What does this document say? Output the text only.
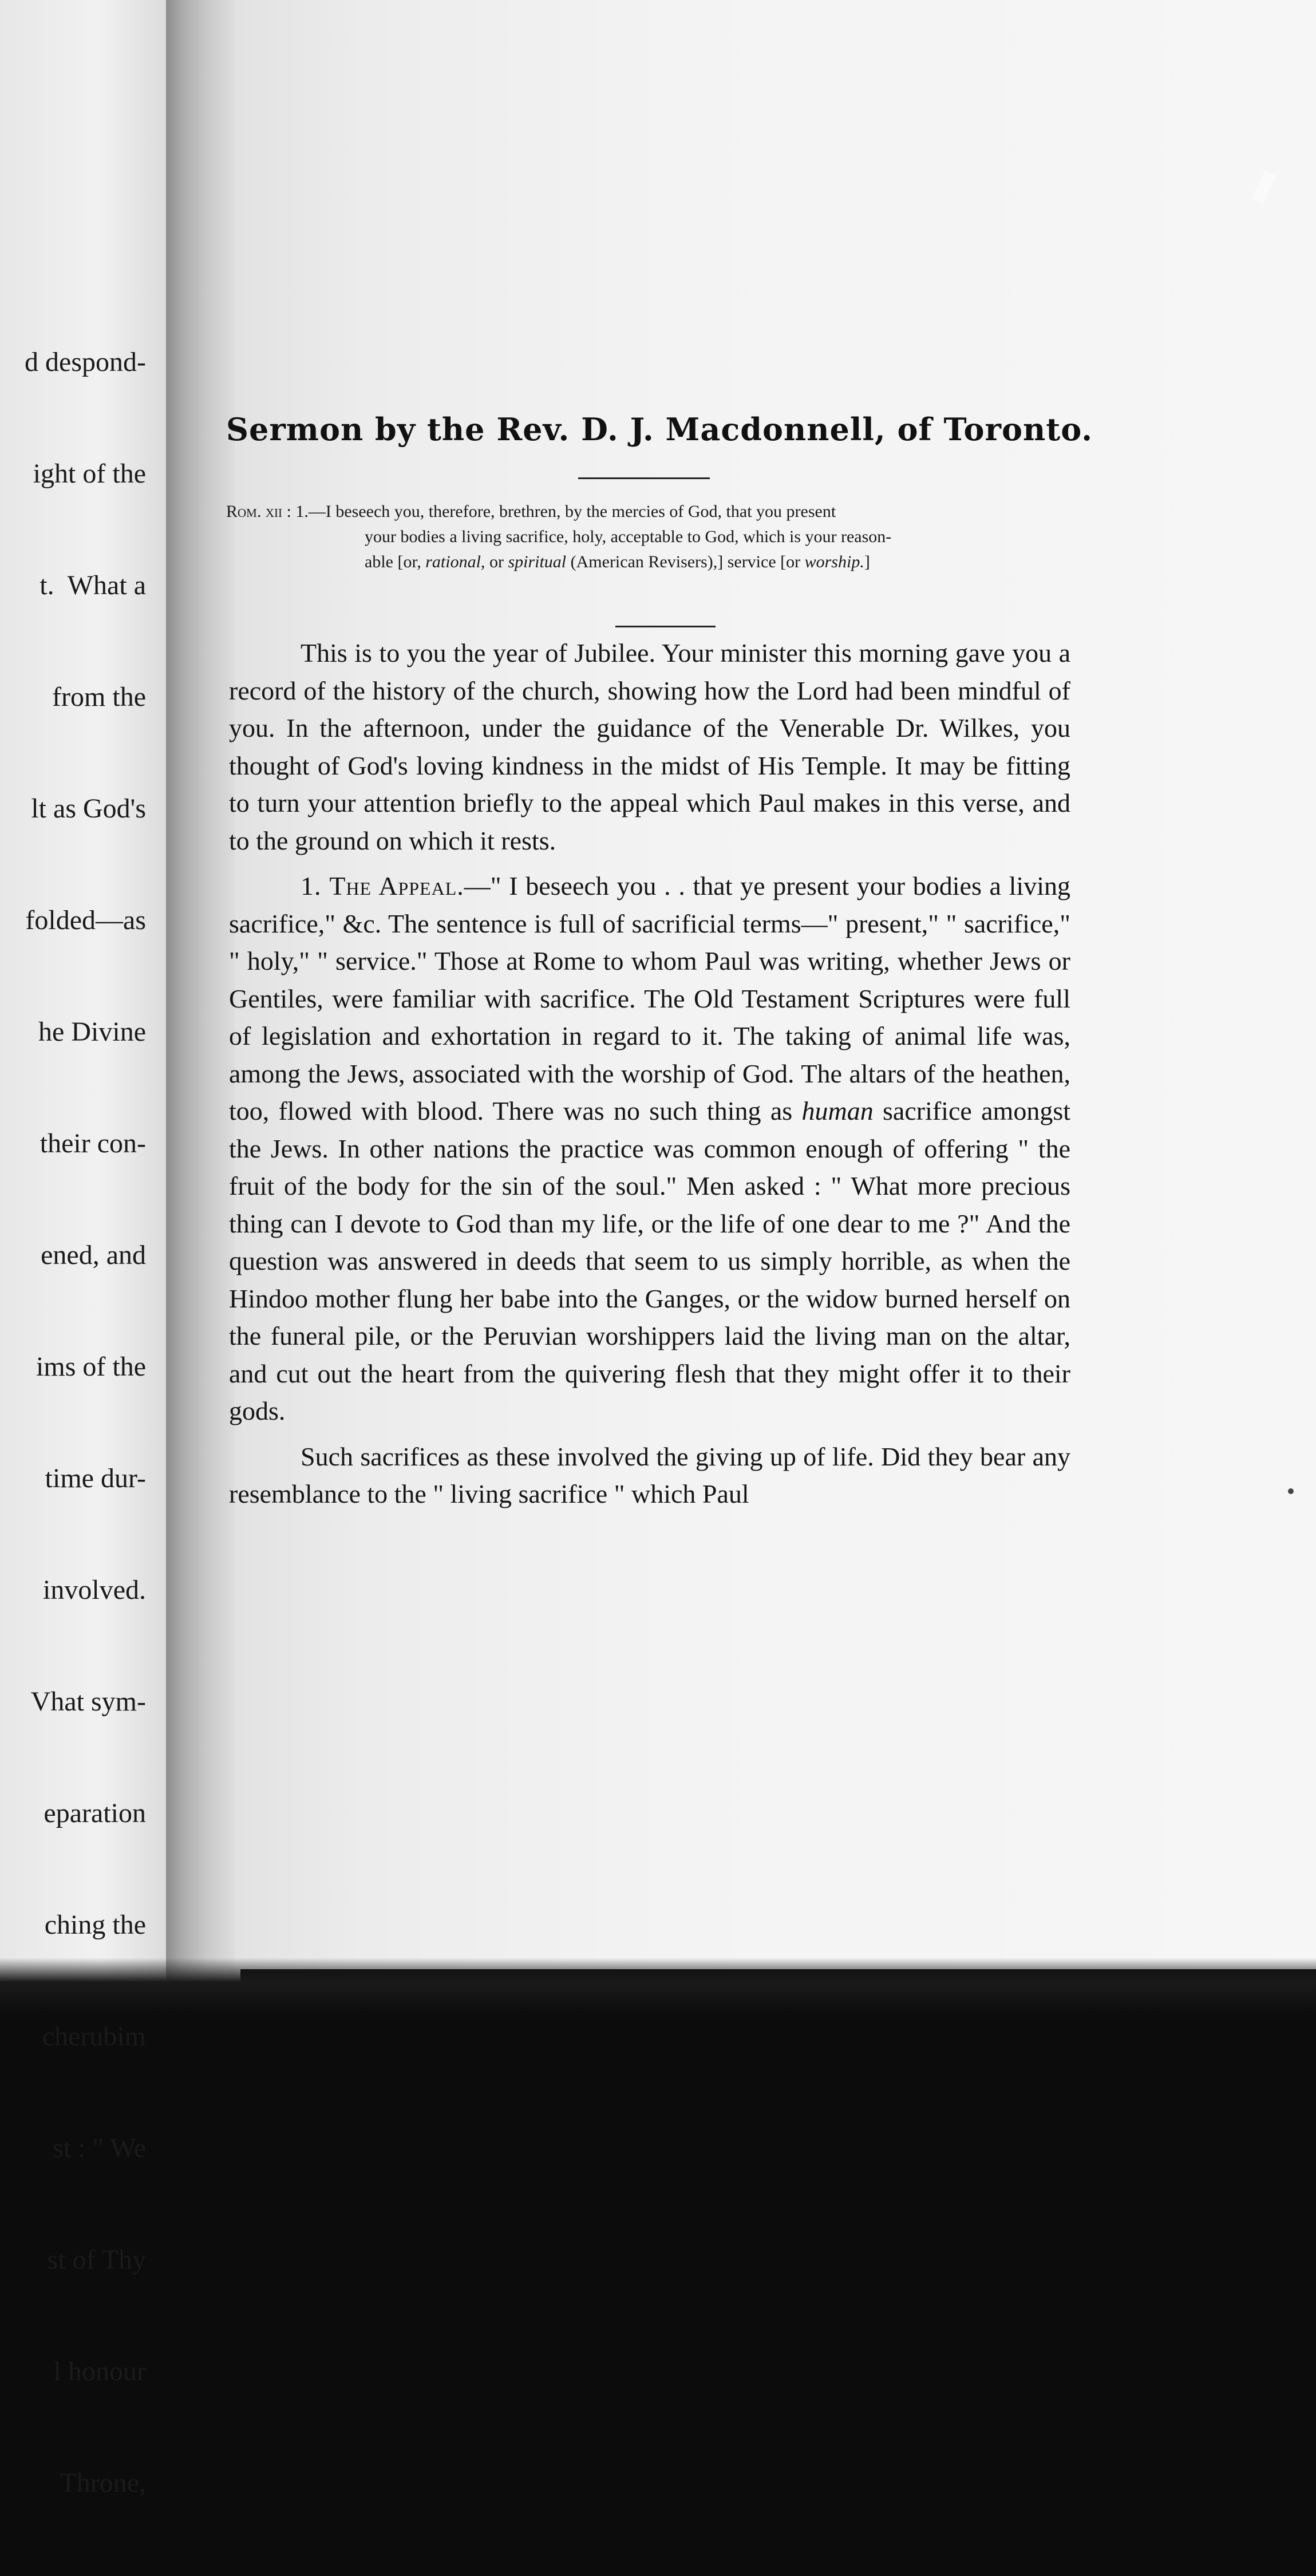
d despond-

ight of the

t.  What a

from the

lt as God's

folded—as

he Divine

their con-

ened, and

ims of the

time dur-

involved.

Vhat sym-

eparation

ching the

cherubim

st : " We

st of Thy

l honour

Throne,

Sermon by the Rev. D. J. Macdonnell, of Toronto.
Rom. xii : 1.—I beseech you, therefore, brethren, by the mercies of God, that you present
your bodies a living sacrifice, holy, acceptable to God, which is your reason-
able [or, rational, or spiritual (American Revisers),] service [or worship.]

This is to you the year of Jubilee. Your minister this morning gave you a record of the history of the church, showing how the Lord had been mindful of you. In the afternoon, under the guidance of the Venerable Dr. Wilkes, you thought of God's loving kindness in the midst of His Temple. It may be fitting to turn your attention briefly to the appeal which Paul makes in this verse, and to the ground on which it rests.

1. The Appeal.—" I beseech you . . that ye present your bodies a living sacrifice," &c. The sentence is full of sacrificial terms—" present," " sacrifice," " holy," " service." Those at Rome to whom Paul was writing, whether Jews or Gentiles, were familiar with sacrifice. The Old Testament Scriptures were full of legislation and exhortation in regard to it. The taking of animal life was, among the Jews, associated with the worship of God. The altars of the heathen, too, flowed with blood. There was no such thing as human sacrifice amongst the Jews. In other nations the practice was common enough of offering " the fruit of the body for the sin of the soul." Men asked : " What more precious thing can I devote to God than my life, or the life of one dear to me ?" And the question was answered in deeds that seem to us simply horrible, as when the Hindoo mother flung her babe into the Ganges, or the widow burned herself on the funeral pile, or the Peruvian worshippers laid the living man on the altar, and cut out the heart from the quivering flesh that they might offer it to their gods.

Such sacrifices as these involved the giving up of life. Did they bear any resemblance to the " living sacrifice " which Paul
